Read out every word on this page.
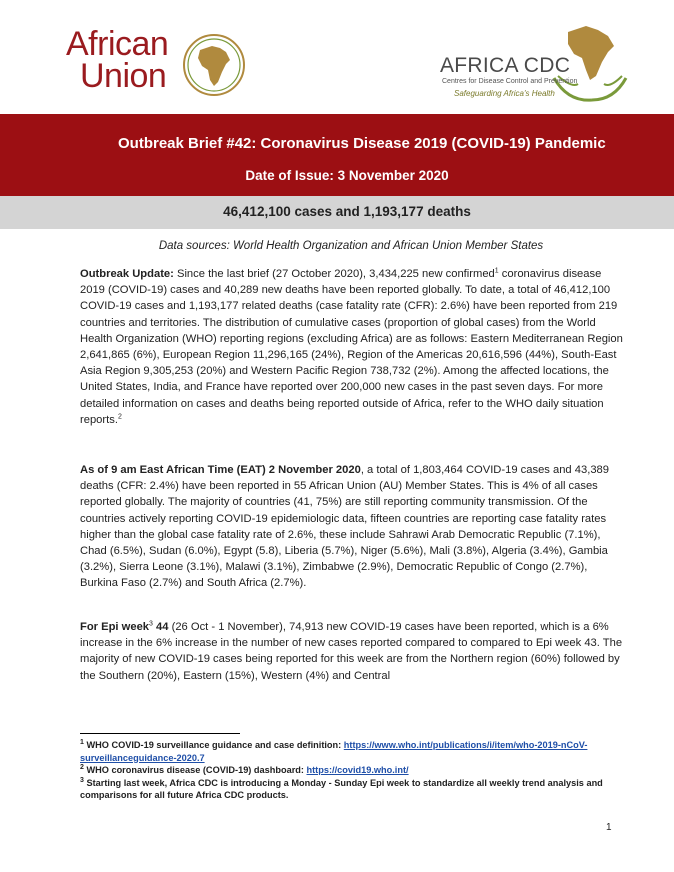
African
Union	AFRICA CDC
Centres for Disease Control and Prevention
Safeguarding Africa's Health
Outbreak Brief #42: Coronavirus Disease 2019 (COVID-19) Pandemic
Date of Issue: 3 November 2020
46,412,100 cases and 1,193,177 deaths
Data sources: World Health Organization and African Union Member States
Outbreak Update: Since the last brief (27 October 2020), 3,434,225 new confirmed$^1$ coronavirus disease 2019 (COVID-19) cases and 40,289 new deaths have been reported globally. To date, a total of 46,412,100 COVID-19 cases and 1,193,177 related deaths (case fatality rate (CFR): 2.6%) have been reported from 219 countries and territories. The distribution of cumulative cases (proportion of global cases) from the World Health Organization (WHO) reporting regions (excluding Africa) are as follows: Eastern Mediterranean Region 2,641,865 (6%), European Region 11,296,165 (24%), Region of the Americas 20,616,596 (44%), South-East Asia Region 9,305,253 (20%) and Western Pacific Region 738,732 (2%). Among the affected locations, the United States, India, and France have reported over 200,000 new cases in the past seven days. For more detailed information on cases and deaths being reported outside of Africa, refer to the WHO daily situation reports.$^2$
As of 9 am East African Time (EAT) 2 November 2020, a total of 1,803,464 COVID-19 cases and 43,389 deaths (CFR: 2.4%) have been reported in 55 African Union (AU) Member States. This is 4% of all cases reported globally. The majority of countries (41, 75%) are still reporting community transmission. Of the countries actively reporting COVID-19 epidemiologic data, fifteen countries are reporting case fatality rates higher than the global case fatality rate of 2.6%, these include Sahrawi Arab Democratic Republic (7.1%), Chad (6.5%), Sudan (6.0%), Egypt (5.8), Liberia (5.7%), Niger (5.6%), Mali (3.8%), Algeria (3.4%), Gambia (3.2%), Sierra Leone (3.1%), Malawi (3.1%), Zimbabwe (2.9%), Democratic Republic of Congo (2.7%), Burkina Faso (2.7%) and South Africa (2.7%).
For Epi week$^3$ 44 (26 Oct - 1 November), 74,913 new COVID-19 cases have been reported, which is a 6% increase in the 6% increase in the number of new cases reported compared to compared to Epi week 43. The majority of new COVID-19 cases being reported for this week are from the Northern region (60%) followed by the Southern (20%), Eastern (15%), Western (4%) and Central
$^1$ WHO COVID-19 surveillance guidance and case definition: https://www.who.int/publications/i/item/who-2019-nCoV-surveillanceguidance-2020.7
$^2$ WHO coronavirus disease (COVID-19) dashboard: https://covid19.who.int/
$^3$ Starting last week, Africa CDC is introducing a Monday - Sunday Epi week to standardize all weekly trend analysis and comparisons for all future Africa CDC products.
1
